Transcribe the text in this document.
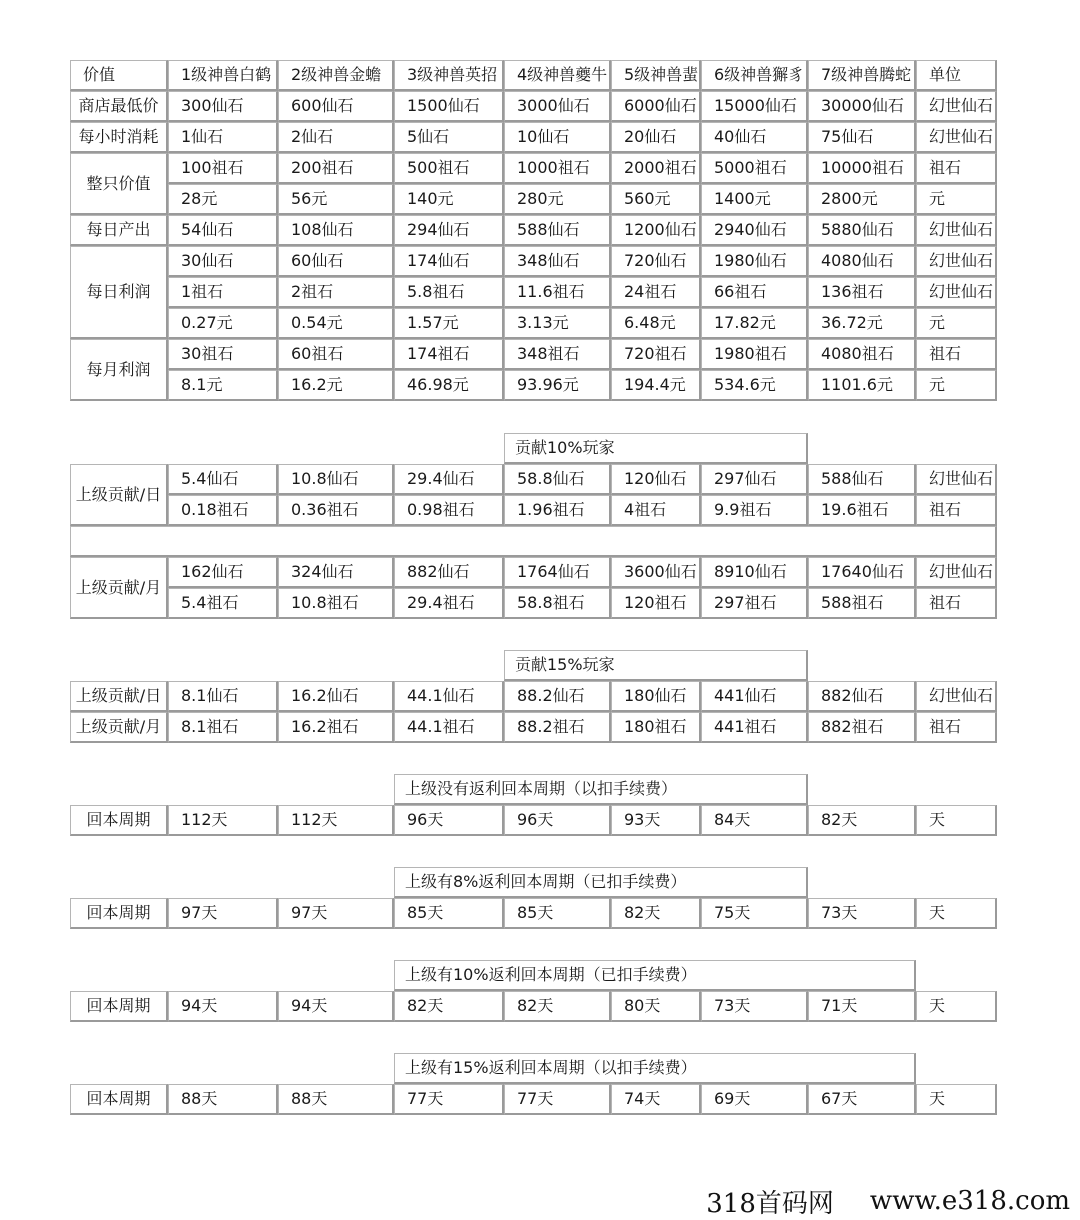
价值	1级神兽白鹤	2级神兽金蟾	3级神兽英招	4级神兽夔牛	5级神兽蜚 6级神兽獬豸	7级神兽腾蛇	单位
商店最低价	300仙石	600仙石	1500仙石	3000仙石	6000仙石	15000仙石	30000仙石	幻世仙石
每小时消耗	1仙石	2仙石	5仙石	10仙石	20仙石	40仙石	75仙石	幻世仙石
整只价值
100祖石	200祖石	500祖石	1000祖石	2000祖石	5000祖石	10000祖石	祖石
28元	56元	140元	280元	560元	1400元	2800元	元
每日产出	54仙石	108仙石	294仙石	588仙石	1200仙石	2940仙石	5880仙石	幻世仙石
每日利润
30仙石	60仙石	174仙石	348仙石	720仙石	1980仙石	4080仙石	幻世仙石
1祖石	2祖石	5.8祖石	11.6祖石	24祖石	66祖石	136祖石	幻世仙石
0.27元	0.54元	1.57元	3.13元	6.48元	17.82元	36.72元	元
每月利润
30祖石	60祖石	174祖石	348祖石	720祖石	1980祖石	4080祖石	祖石
8.1元	16.2元	46.98元	93.96元	194.4元	534.6元	1101.6元	元
贡献10%玩家
上级贡献/日
5.4仙石	10.8仙石	29.4仙石	58.8仙石	120仙石	297仙石	588仙石	幻世仙石
0.18祖石	0.36祖石	0.98祖石	1.96祖石	4祖石	9.9祖石	19.6祖石	祖石
上级贡献/月
162仙石	324仙石	882仙石	1764仙石	3600仙石	8910仙石	17640仙石	幻世仙石
5.4祖石	10.8祖石	29.4祖石	58.8祖石	120祖石	297祖石	588祖石	祖石
贡献15%玩家
上级贡献/日	8.1仙石	16.2仙石	44.1仙石	88.2仙石	180仙石	441仙石	882仙石	幻世仙石
上级贡献/月	8.1祖石	16.2祖石	44.1祖石	88.2祖石	180祖石	441祖石	882祖石	祖石
上级没有返利回本周期（以扣手续费）
回本周期	112天	112天	96天	96天	93天	84天	82天	天
上级有8%返利回本周期（已扣手续费）
回本周期	97天	97天	85天	85天	82天	75天	73天	天
上级有10%返利回本周期（已扣手续费）
回本周期	94天	94天	82天	82天	80天	73天	71天	天
上级有15%返利回本周期（以扣手续费）
回本周期	88天	88天	77天	77天	74天	69天	67天	天
318首码网 www.e318.com
